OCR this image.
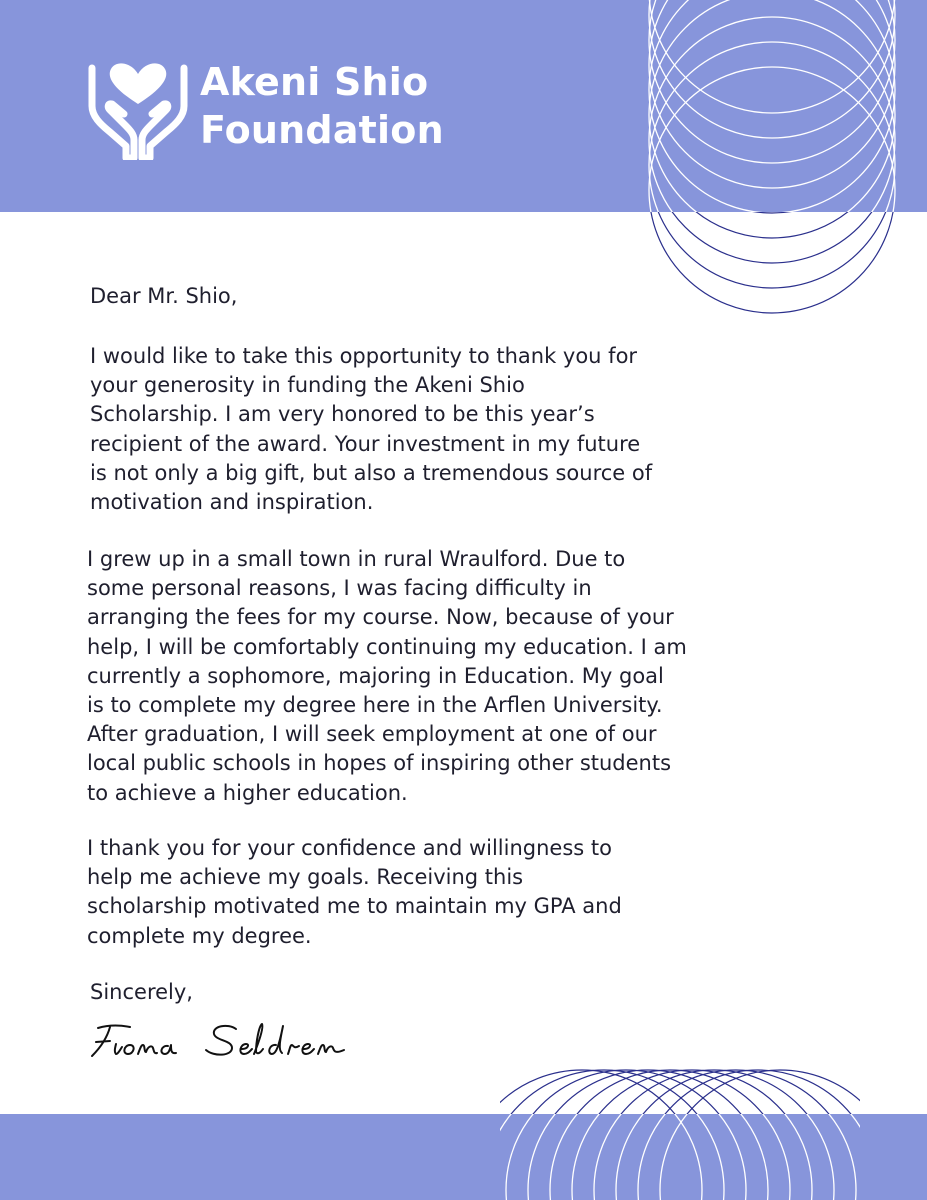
Akeni Shio
Foundation

Dear Mr. Shio,

I would like to take this opportunity to thank you for
your generosity in funding the Akeni Shio
Scholarship. I am very honored to be this year’s
recipient of the award. Your investment in my future
is not only a big gift, but also a tremendous source of
motivation and inspiration.

I grew up in a small town in rural Wraulford. Due to
some personal reasons, I was facing difficulty in
arranging the fees for my course. Now, because of your
help, I will be comfortably continuing my education. I am
currently a sophomore, majoring in Education. My goal
is to complete my degree here in the Arflen University.
After graduation, I will seek employment at one of our
local public schools in hopes of inspiring other students
to achieve a higher education.

I thank you for your confidence and willingness to
help me achieve my goals. Receiving this
scholarship motivated me to maintain my GPA and
complete my degree.

Sincerely,
